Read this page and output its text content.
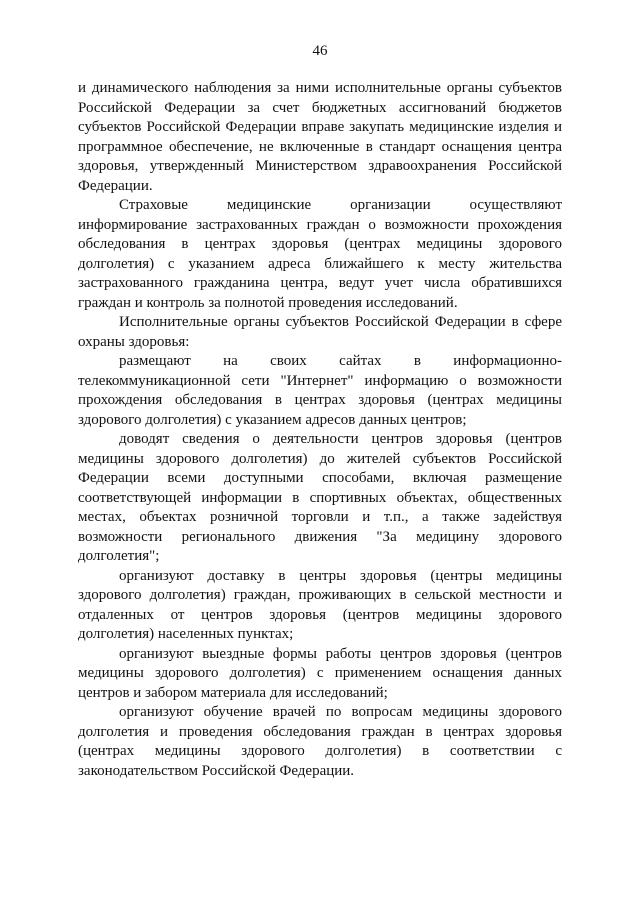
46

и динамического наблюдения за ними исполнительные органы субъектов Российской Федерации за счет бюджетных ассигнований бюджетов субъектов Российской Федерации вправе закупать медицинские изделия и программное обеспечение, не включенные в стандарт оснащения центра здоровья, утвержденный Министерством здравоохранения Российской Федерации.

Страховые медицинские организации осуществляют информирование застрахованных граждан о возможности прохождения обследования в центрах здоровья (центрах медицины здорового долголетия) с указанием адреса ближайшего к месту жительства застрахованного гражданина центра, ведут учет числа обратившихся граждан и контроль за полнотой проведения исследований.

Исполнительные органы субъектов Российской Федерации в сфере охраны здоровья:

размещают на своих сайтах в информационно-телекоммуникационной сети "Интернет" информацию о возможности прохождения обследования в центрах здоровья (центрах медицины здорового долголетия) с указанием адресов данных центров;

доводят сведения о деятельности центров здоровья (центров медицины здорового долголетия) до жителей субъектов Российской Федерации всеми доступными способами, включая размещение соответствующей информации в спортивных объектах, общественных местах, объектах розничной торговли и т.п., а также задействуя возможности регионального движения "За медицину здорового долголетия";

организуют доставку в центры здоровья (центры медицины здорового долголетия) граждан, проживающих в сельской местности и отдаленных от центров здоровья (центров медицины здорового долголетия) населенных пунктах;

организуют выездные формы работы центров здоровья (центров медицины здорового долголетия) с применением оснащения данных центров и забором материала для исследований;

организуют обучение врачей по вопросам медицины здорового долголетия и проведения обследования граждан в центрах здоровья (центрах медицины здорового долголетия) в соответствии с законодательством Российской Федерации.
